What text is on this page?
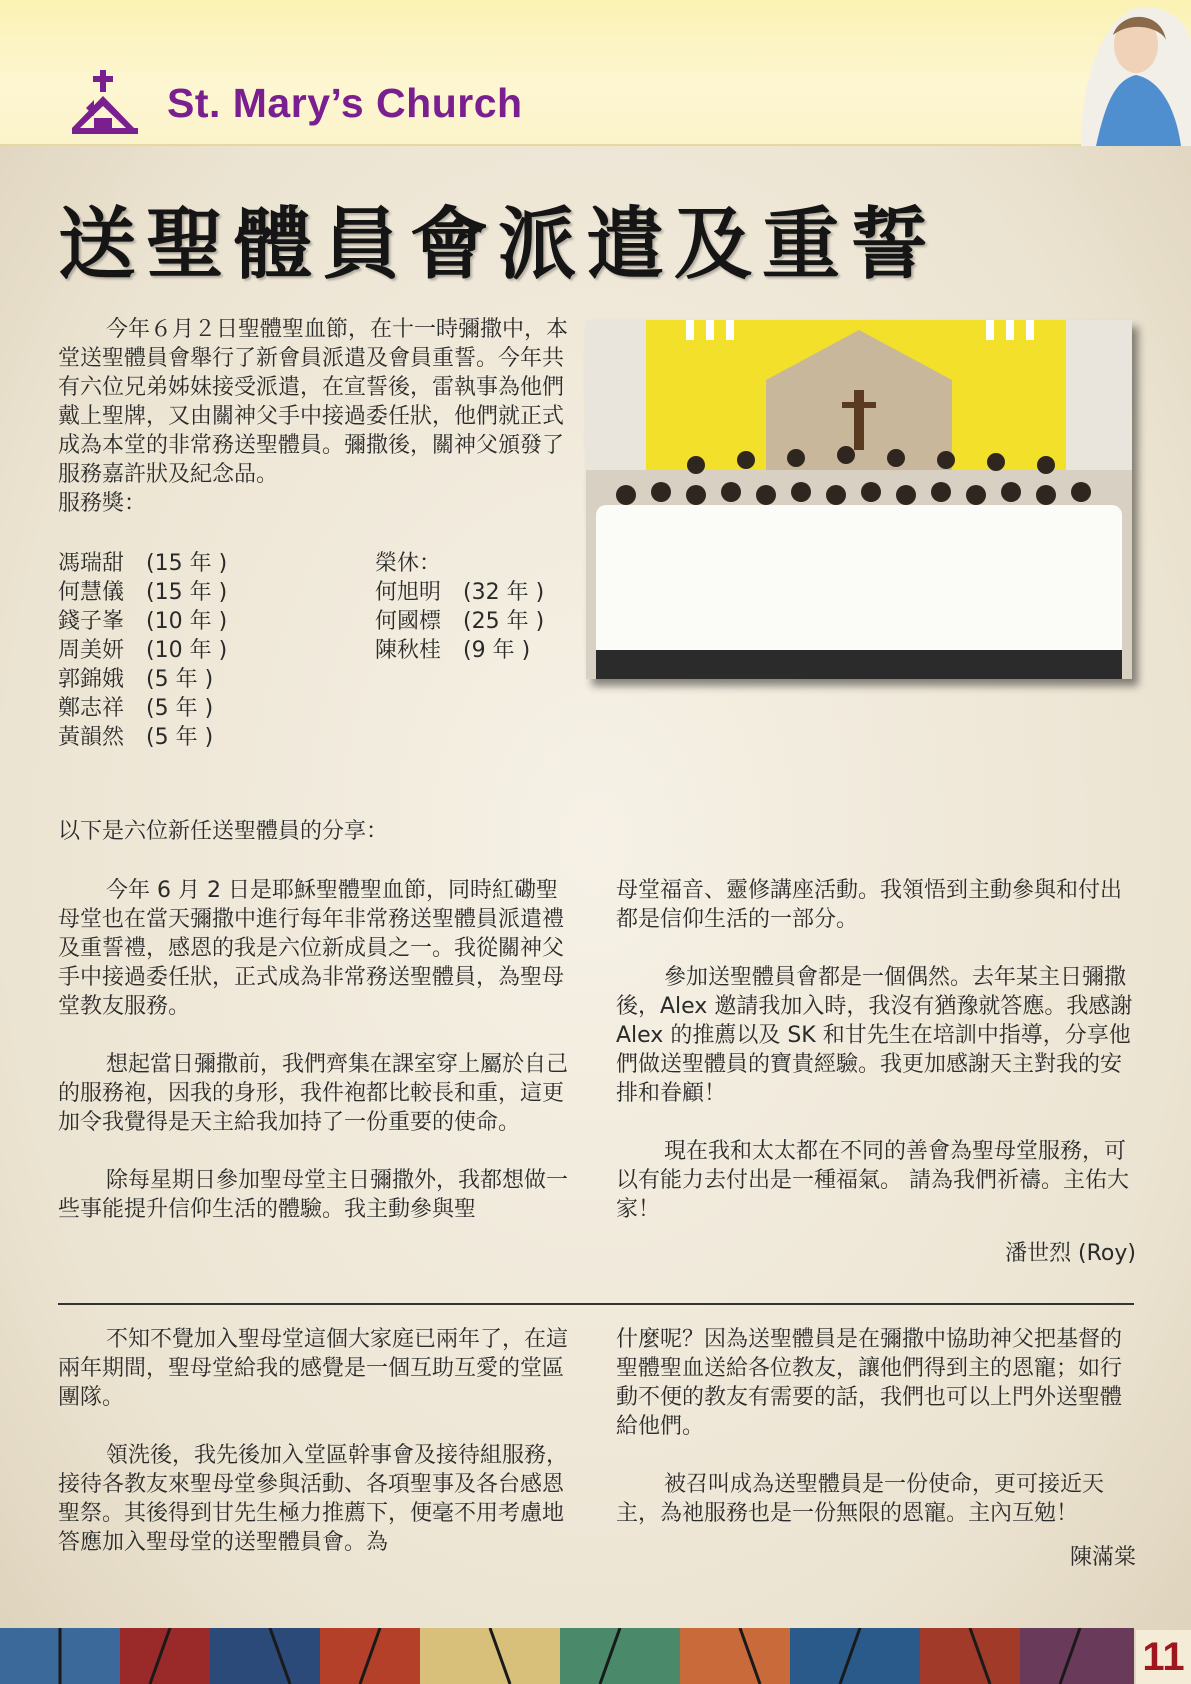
St. Mary’s Church
送聖體員會派遣及重誓

今年６月２日聖體聖血節，在十一時彌撒中，本堂送聖體員會舉行了新會員派遣及會員重誓。今年共有六位兄弟姊妹接受派遣，在宣誓後，雷執事為他們戴上聖牌，又由關神父手中接過委任狀，他們就正式成為本堂的非常務送聖體員。彌撒後，關神父頒發了服務嘉許狀及紀念品。

服務獎：

馮瑞甜 (15 年 )
何慧儀 (15 年 )
錢子峯 (10 年 )
周美妍 (10 年 )
郭錦娥 (5 年 )
鄭志祥 (5 年 )
黃韻然 (5 年 )
榮休：
何旭明 (32 年 )
何國標 (25 年 )
陳秋桂 (9 年 )
以下是六位新任送聖體員的分享：

今年 6 月 2 日是耶穌聖體聖血節，同時紅磡聖母堂也在當天彌撒中進行每年非常務送聖體員派遣禮及重誓禮，感恩的我是六位新成員之一。我從關神父手中接過委任狀，正式成為非常務送聖體員，為聖母堂教友服務。

想起當日彌撒前，我們齊集在課室穿上屬於自己的服務袍，因我的身形，我件袍都比較長和重，這更加令我覺得是天主給我加持了一份重要的使命。

除每星期日參加聖母堂主日彌撒外，我都想做一些事能提升信仰生活的體驗。我主動參與聖

母堂福音、靈修講座活動。我領悟到主動參與和付出都是信仰生活的一部分。

參加送聖體員會都是一個偶然。去年某主日彌撒後，Alex 邀請我加入時，我沒有猶豫就答應。我感謝 Alex 的推薦以及 SK 和甘先生在培訓中指導，分享他們做送聖體員的寶貴經驗。我更加感謝天主對我的安排和眷顧！

現在我和太太都在不同的善會為聖母堂服務，可以有能力去付出是一種福氣。 請為我們祈禱。主佑大家！

潘世烈 (Roy)

不知不覺加入聖母堂這個大家庭已兩年了，在這兩年期間，聖母堂給我的感覺是一個互助互愛的堂區團隊。

領洗後，我先後加入堂區幹事會及接待組服務，接待各教友來聖母堂參與活動、各項聖事及各台感恩聖祭。其後得到甘先生極力推薦下，便毫不用考慮地答應加入聖母堂的送聖體員會。為

什麼呢？因為送聖體員是在彌撒中協助神父把基督的聖體聖血送給各位教友，讓他們得到主的恩寵；如行動不便的教友有需要的話，我們也可以上門外送聖體給他們。

被召叫成為送聖體員是一份使命，更可接近天主，為祂服務也是一份無限的恩寵。主內互勉！

陳滿棠

11
